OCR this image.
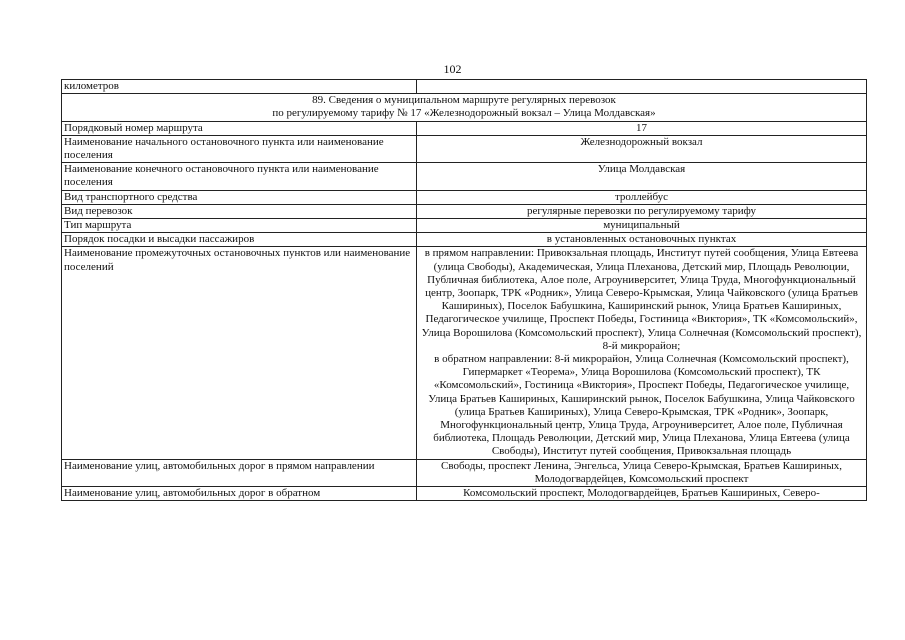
102
километров	

89. Сведения о муниципальном маршруте регулярных перевозок
по регулируемому тарифу № 17 «Железнодорожный вокзал – Улица Молдавская»	

Порядковый номер маршрута	17
Наименование начального остановочного пункта или наименование поселения	Железнодорожный вокзал
Наименование конечного остановочного пункта или наименование поселения	Улица Молдавская
Вид транспортного средства	троллейбус
Вид перевозок	регулярные перевозки по регулируемому тарифу
Тип маршрута	муниципальный
Порядок посадки и высадки пассажиров	в установленных остановочных пунктах
Наименование промежуточных остановочных пунктов или наименование поселений	в прямом направлении: Привокзальная площадь, Институт путей сообщения, Улица Евтеева (улица Свободы), Академическая, Улица Плеханова, Детский мир, Площадь Революции, Публичная библиотека, Алое поле, Агроуниверситет, Улица Труда, Многофункциональный центр, Зоопарк, ТРК «Родник», Улица Северо-Крымская, Улица Чайковского (улица Братьев Кашириных), Поселок Бабушкина, Каширинский рынок, Улица Братьев Кашириных, Педагогическое училище, Проспект Победы, Гостиница «Виктория», ТК «Комсомольский», Улица Ворошилова (Комсомольский проспект), Улица Солнечная (Комсомольский проспект), 8-й микрорайон;
в обратном направлении: 8-й микрорайон, Улица Солнечная (Комсомольский проспект), Гипермаркет «Теорема», Улица Ворошилова (Комсомольский проспект), ТК «Комсомольский», Гостиница «Виктория», Проспект Победы, Педагогическое училище, Улица Братьев Кашириных, Каширинский рынок, Поселок Бабушкина, Улица Чайковского (улица Братьев Кашириных), Улица Северо-Крымская, ТРК «Родник», Зоопарк, Многофункциональный центр, Улица Труда, Агроуниверситет, Алое поле, Публичная библиотека, Площадь Революции, Детский мир, Улица Плеханова, Улица Евтеева (улица Свободы), Институт путей сообщения, Привокзальная площадь

Наименование улиц, автомобильных дорог в прямом направлении	Свободы, проспект Ленина, Энгельса, Улица Северо-Крымская, Братьев Кашириных, Молодогвардейцев, Комсомольский проспект
Наименование улиц, автомобильных дорог в обратном	Комсомольский проспект, Молодогвардейцев, Братьев Кашириных, Северо-
